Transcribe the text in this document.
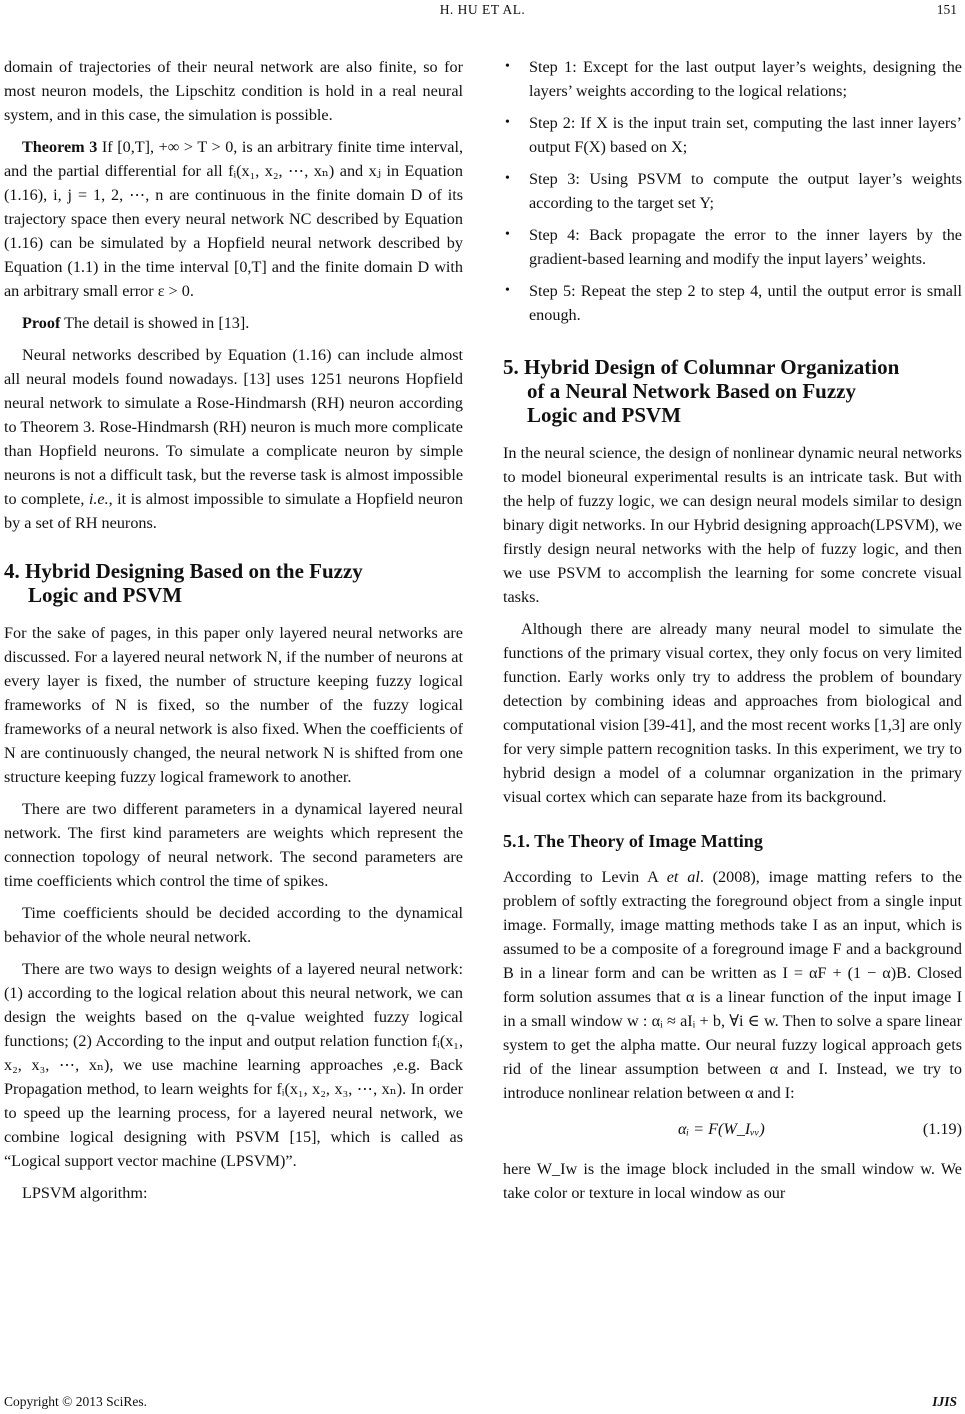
H. HU ET AL.	151

domain of trajectories of their neural network are also finite, so for most neuron models, the Lipschitz condition is hold in a real neural system, and in this case, the simulation is possible.

Theorem 3 If [0,T], +∞ > T > 0, is an arbitrary finite time interval, and the partial differential for all fᵢ(x₁, x₂, ⋯, xₙ) and xⱼ in Equation (1.16), i, j = 1, 2, ⋯, n are continuous in the finite domain D of its trajectory space then every neural network NC described by Equation (1.16) can be simulated by a Hopfield neural network described by Equation (1.1) in the time interval [0,T] and the finite domain D with an arbitrary small error ε > 0.

Proof The detail is showed in [13].

Neural networks described by Equation (1.16) can include almost all neural models found nowadays. [13] uses 1251 neurons Hopfield neural network to simulate a Rose-Hindmarsh (RH) neuron according to Theorem 3. Rose-Hindmarsh (RH) neuron is much more complicate than Hopfield neurons. To simulate a complicate neuron by simple neurons is not a difficult task, but the reverse task is almost impossible to complete, i.e., it is almost impossible to simulate a Hopfield neuron by a set of RH neurons.

4. Hybrid Designing Based on the Fuzzy
Logic and PSVM

For the sake of pages, in this paper only layered neural networks are discussed. For a layered neural network N, if the number of neurons at every layer is fixed, the number of structure keeping fuzzy logical frameworks of N is fixed, so the number of the fuzzy logical frameworks of a neural network is also fixed. When the coefficients of N are continuously changed, the neural network N is shifted from one structure keeping fuzzy logical framework to another.

There are two different parameters in a dynamical layered neural network. The first kind parameters are weights which represent the connection topology of neural network. The second parameters are time coefficients which control the time of spikes.

Time coefficients should be decided according to the dynamical behavior of the whole neural network.

There are two ways to design weights of a layered neural network: (1) according to the logical relation about this neural network, we can design the weights based on the q-value weighted fuzzy logical functions; (2) According to the input and output relation function fᵢ(x₁, x₂, x₃, ⋯, xₙ), we use machine learning approaches ,e.g. Back Propagation method, to learn weights for fᵢ(x₁, x₂, x₃, ⋯, xₙ). In order to speed up the learning process, for a layered neural network, we combine logical designing with PSVM [15], which is called as “Logical support vector machine (LPSVM)”.

LPSVM algorithm:

• Step 1: Except for the last output layer’s weights, designing the layers’ weights according to the logical relations;
• Step 2: If X is the input train set, computing the last inner layers’ output F(X) based on X;
• Step 3: Using PSVM to compute the output layer’s weights according to the target set Y;
• Step 4: Back propagate the error to the inner layers by the gradient-based learning and modify the input layers’ weights.
• Step 5: Repeat the step 2 to step 4, until the output error is small enough.
5. Hybrid Design of Columnar Organization
of a Neural Network Based on Fuzzy
Logic and PSVM

In the neural science, the design of nonlinear dynamic neural networks to model bioneural experimental results is an intricate task. But with the help of fuzzy logic, we can design neural models similar to design binary digit networks. In our Hybrid designing approach(LPSVM), we firstly design neural networks with the help of fuzzy logic, and then we use PSVM to accomplish the learning for some concrete visual tasks.

Although there are already many neural model to simulate the functions of the primary visual cortex, they only focus on very limited function. Early works only try to address the problem of boundary detection by combining ideas and approaches from biological and computational vision [39-41], and the most recent works [1,3] are only for very simple pattern recognition tasks. In this experiment, we try to hybrid design a model of a columnar organization in the primary visual cortex which can separate haze from its background.

5.1. The Theory of Image Matting

According to Levin A et al. (2008), image matting refers to the problem of softly extracting the foreground object from a single input image. Formally, image matting methods take I as an input, which is assumed to be a composite of a foreground image F and a background B in a linear form and can be written as I = αF + (1 − α)B. Closed form solution assumes that α is a linear function of the input image I in a small window w : αᵢ ≈ aIᵢ + b, ∀i ∈ w. Then to solve a spare linear system to get the alpha matte. Our neural fuzzy logical approach gets rid of the linear assumption between α and I. Instead, we try to introduce nonlinear relation between α and I:

αᵢ = F(W_Iᵥᵥ)	(1.19)

here W_Iw is the image block included in the small window w. We take color or texture in local window as our

Copyright © 2013 SciRes.	IJIS
